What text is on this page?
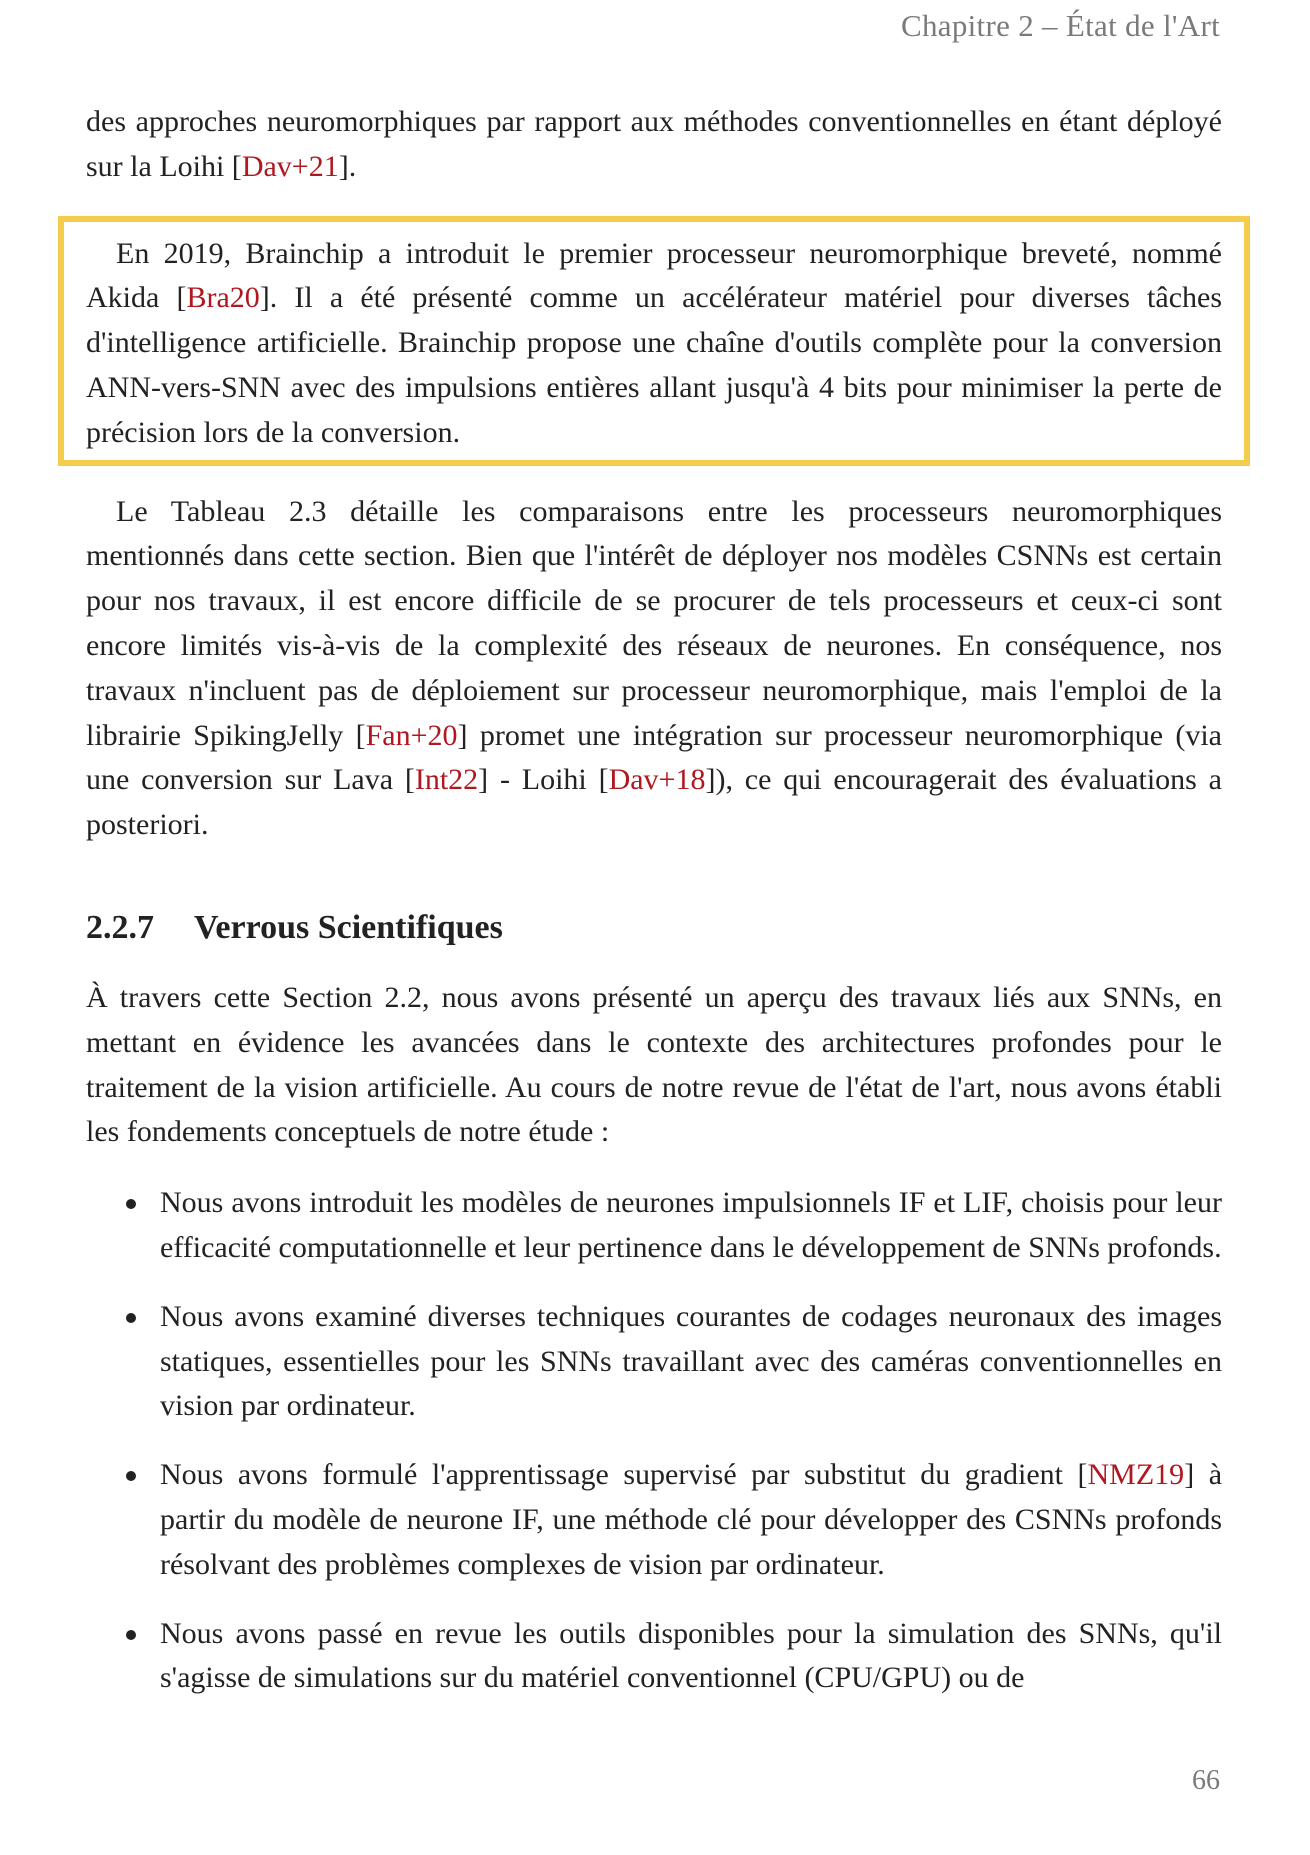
Chapitre 2 – État de l'Art

des approches neuromorphiques par rapport aux méthodes conventionnelles en étant déployé sur la Loihi [Dav+21].

En 2019, Brainchip a introduit le premier processeur neuromorphique breveté, nommé Akida [Bra20]. Il a été présenté comme un accélérateur matériel pour diverses tâches d'intelligence artificielle. Brainchip propose une chaîne d'outils complète pour la conversion ANN-vers-SNN avec des impulsions entières allant jusqu'à 4 bits pour minimiser la perte de précision lors de la conversion.

Le Tableau 2.3 détaille les comparaisons entre les processeurs neuromorphiques mentionnés dans cette section. Bien que l'intérêt de déployer nos modèles CSNNs est certain pour nos travaux, il est encore difficile de se procurer de tels processeurs et ceux-ci sont encore limités vis-à-vis de la complexité des réseaux de neurones. En conséquence, nos travaux n'incluent pas de déploiement sur processeur neuromorphique, mais l'emploi de la librairie SpikingJelly [Fan+20] promet une intégration sur processeur neuromorphique (via une conversion sur Lava [Int22] - Loihi [Dav+18]), ce qui encouragerait des évaluations a posteriori.

2.2.7 Verrous Scientifiques

À travers cette Section 2.2, nous avons présenté un aperçu des travaux liés aux SNNs, en mettant en évidence les avancées dans le contexte des architectures profondes pour le traitement de la vision artificielle. Au cours de notre revue de l'état de l'art, nous avons établi les fondements conceptuels de notre étude :

Nous avons introduit les modèles de neurones impulsionnels IF et LIF, choisis pour leur efficacité computationnelle et leur pertinence dans le développement de SNNs profonds.
Nous avons examiné diverses techniques courantes de codages neuronaux des images statiques, essentielles pour les SNNs travaillant avec des caméras conventionnelles en vision par ordinateur.
Nous avons formulé l'apprentissage supervisé par substitut du gradient [NMZ19] à partir du modèle de neurone IF, une méthode clé pour développer des CSNNs profonds résolvant des problèmes complexes de vision par ordinateur.
Nous avons passé en revue les outils disponibles pour la simulation des SNNs, qu'il s'agisse de simulations sur du matériel conventionnel (CPU/GPU) ou de
66
